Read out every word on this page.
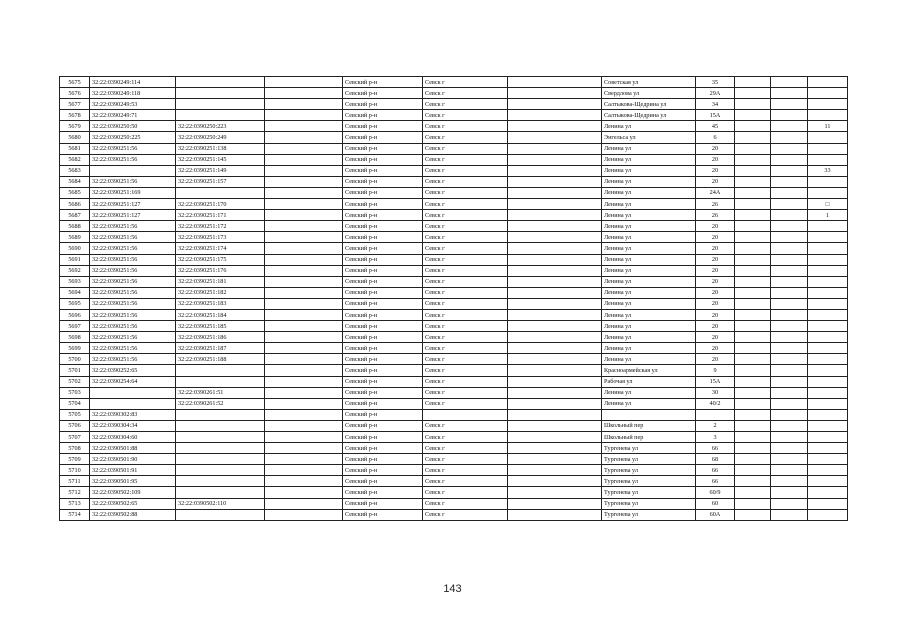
5675	32:22:0390249:114			Севский р-н	Севск г		Советская ул	35			
5676	32:22:0390249:118			Севский р-н	Севск г		Свердлова ул	29А			
5677	32:22:0390249:53			Севский р-н	Севск г		Салтыкова-Щедрина ул	34			
5678	32:22:0390249:71			Севский р-н	Севск г		Салтыкова-Щедрина ул	15А			
5679	32:22:0390250:50	32:22:0390250:223		Севский р-н	Севск г		Ленина ул	45			11
5680	32:22:0390250:225	32:22:0390250:249		Севский р-н	Севск г		Энгельса ул	6			
5681	32:22:0390251:56	32:22:0390251:138		Севский р-н	Севск г		Ленина ул	20			
5682	32:22:0390251:56	32:22:0390251:145		Севский р-н	Севск г		Ленина ул	20			
5683		32:22:0390251:149		Севский р-н	Севск г		Ленина ул	20			33
5684	32:22:0390251:56	32:22:0390251:157		Севский р-н	Севск г		Ленина ул	20			
5685	32:22:0390251:169			Севский р-н	Севск г		Ленина ул	24А			
5686	32:22:0390251:127	32:22:0390251:170		Севский р-н	Севск г		Ленина ул	26			□
5687	32:22:0390251:127	32:22:0390251:171		Севский р-н	Севск г		Ленина ул	26			1
5688	32:22:0390251:56	32:22:0390251:172		Севский р-н	Севск г		Ленина ул	20			
5689	32:22:0390251:56	32:22:0390251:173		Севский р-н	Севск г		Ленина ул	20			
5690	32:22:0390251:56	32:22:0390251:174		Севский р-н	Севск г		Ленина ул	20			
5691	32:22:0390251:56	32:22:0390251:175		Севский р-н	Севск г		Ленина ул	20			
5692	32:22:0390251:56	32:22:0390251:176		Севский р-н	Севск г		Ленина ул	20			
5693	32:22:0390251:56	32:22:0390251:181		Севский р-н	Севск г		Ленина ул	20			
5694	32:22:0390251:56	32:22:0390251:182		Севский р-н	Севск г		Ленина ул	20			
5695	32:22:0390251:56	32:22:0390251:183		Севский р-н	Севск г		Ленина ул	20			
5696	32:22:0390251:56	32:22:0390251:184		Севский р-н	Севск г		Ленина ул	20			
5697	32:22:0390251:56	32:22:0390251:185		Севский р-н	Севск г		Ленина ул	20			
5698	32:22:0390251:56	32:22:0390251:186		Севский р-н	Севск г		Ленина ул	20			
5699	32:22:0390251:56	32:22:0390251:187		Севский р-н	Севск г		Ленина ул	20			
5700	32:22:0390251:56	32:22:0390251:188		Севский р-н	Севск г		Ленина ул	20			
5701	32:22:0390252:65			Севский р-н	Севск г		Красноармейская ул	9			
5702	32:22:0390254:64			Севский р-н	Севск г		Рабочая ул	15А			
5703		32:22:0390261:51		Севский р-н	Севск г		Ленина ул	30			
5704		32:22:0390261:52		Севский р-н	Севск г		Ленина ул	40/2			
5705	32:22:0390302:83			Севский р-н							
5706	32:22:0390304:34			Севский р-н	Севск г		Школьный пер	2			
5707	32:22:0390304:60			Севский р-н	Севск г		Школьный пер	3			
5708	32:22:0390501:88			Севский р-н	Севск г		Тургенева ул	66			
5709	32:22:0390501:90			Севский р-н	Севск г		Тургенева ул	68			
5710	32:22:0390501:91			Севский р-н	Севск г		Тургенева ул	66			
5711	32:22:0390501:95			Севский р-н	Севск г		Тургенева ул	66			
5712	32:22:0390502:109			Севский р-н	Севск г		Тургенева ул	60/9			
5713	32:22:0390502:65	32:22:0390502:110		Севский р-н	Севск г		Тургенева ул	60			
5714	32:22:0390502:88			Севский р-н	Севск г		Тургенева ул	60А			
143
